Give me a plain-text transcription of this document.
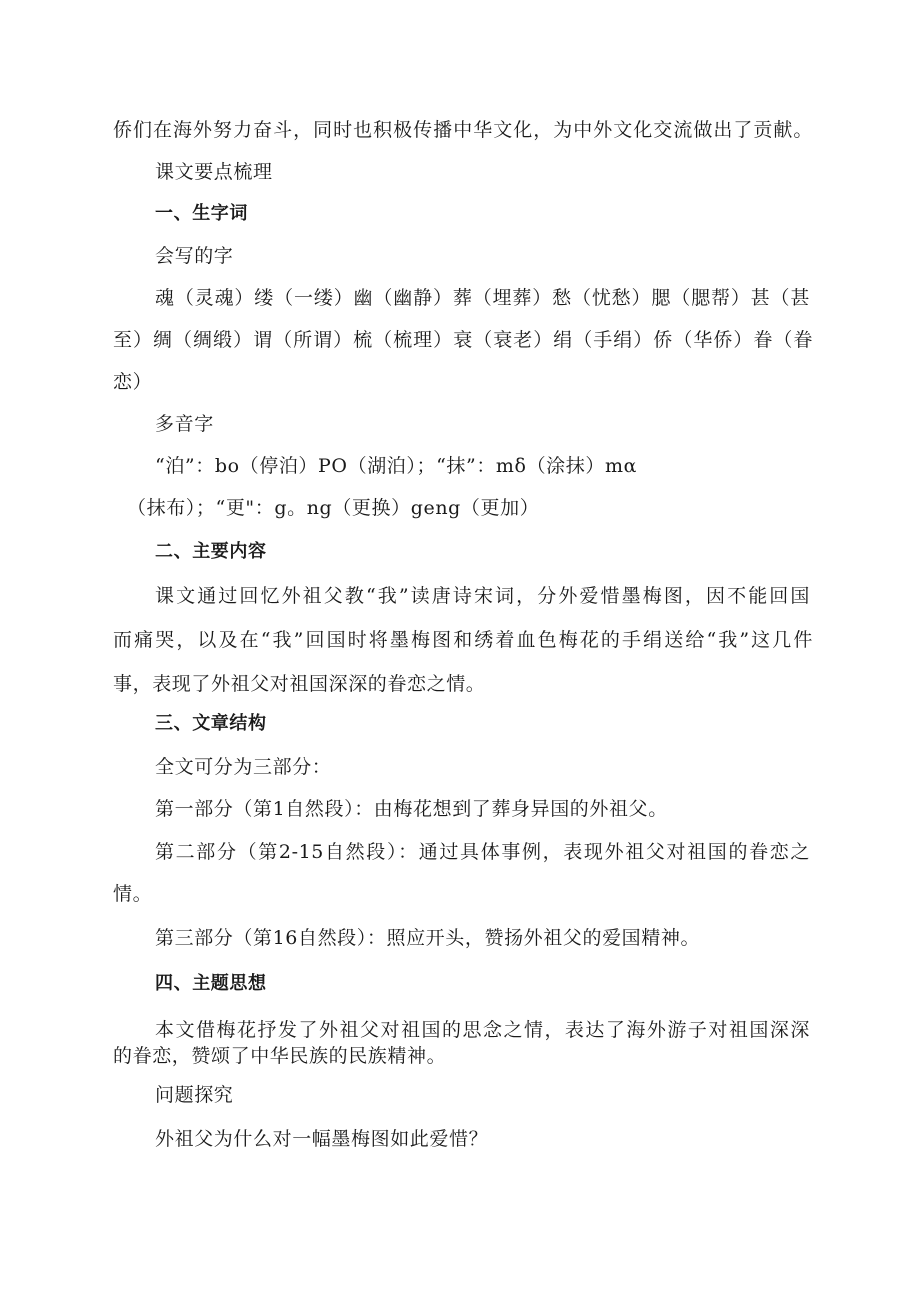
侨们在海外努力奋斗，同时也积极传播中华文化，为中外文化交流做出了贡献。
课文要点梳理
一、生字词
会写的字
魂（灵魂）缕（一缕）幽（幽静）葬（埋葬）愁（忧愁）腮（腮帮）甚（甚
至）绸（绸缎）谓（所谓）梳（梳理）衰（衰老）绢（手绢）侨（华侨）眷（眷
恋）
多音字
“泊”：bo（停泊）PO（湖泊）；“抹”：mδ（涂抹）mα
（抹布）；“更"：g。ng（更换）geng（更加）
二、主要内容
课文通过回忆外祖父教“我”读唐诗宋词，分外爱惜墨梅图，因不能回国
而痛哭，以及在“我”回国时将墨梅图和绣着血色梅花的手绢送给“我”这几件
事，表现了外祖父对祖国深深的眷恋之情。
三、文章结构
全文可分为三部分：
第一部分（第1自然段）：由梅花想到了葬身异国的外祖父。
第二部分（第2-15自然段）：通过具体事例，表现外祖父对祖国的眷恋之
情。
第三部分（第16自然段）：照应开头，赞扬外祖父的爱国精神。
四、主题思想
本文借梅花抒发了外祖父对祖国的思念之情，表达了海外游子对祖国深深
的眷恋，赞颂了中华民族的民族精神。
问题探究
外祖父为什么对一幅墨梅图如此爱惜？
